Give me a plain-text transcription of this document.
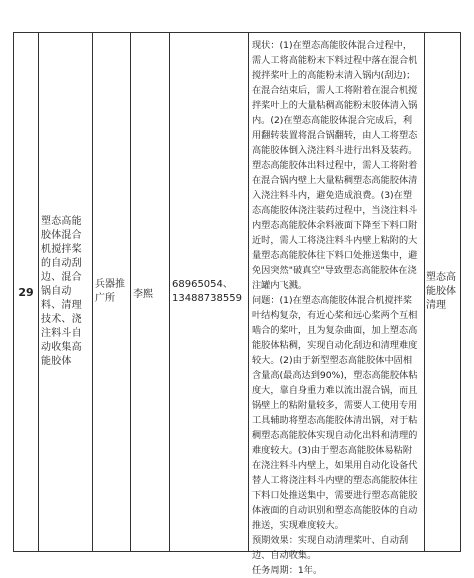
29
塑态高能胶体混合机搅拌桨的自动刮边、混合锅自动料、清理技术、浇注料斗自动收集高能胶体
兵器推广所	李熙
68965054、
13488738559

现状：(1)在塑态高能胶体混合过程中，需人工将高能粉末下料过程中落在混合机搅拌桨叶上的高能粉末清入锅内(刮边)；在混合结束后，需人工将附着在混合机搅拌桨叶上的大量粘稠高能粉末胶体清入锅内。(2)在塑态高能胶体混合完成后，利用翻转装置将混合锅翻转，由人工将塑态高能胶体倒入浇注料斗进行出料及装药。塑态高能胶体出料过程中，需人工将附着在混合锅内壁上大量粘稠塑态高能胶体清入浇注料斗内，避免造成浪费。(3)在塑态高能胶体浇注装药过程中，当浇注料斗内塑态高能胶体余料液面下降至下料口附近时，需人工将浇注料斗内壁上粘附的大量塑态高能胶体往下料口处推送集中，避免因突然"破真空"导致塑态高能胶体在浇注罐内飞溅。

问题：(1)在塑态高能胶体混合机搅拌桨叶结构复杂，有近心桨和远心桨两个互相啮合的桨叶，且为复杂曲面，加上塑态高能胶体粘稠，实现自动化刮边和清理难度较大。(2)由于新型塑态高能胶体中固相含量高(最高达到90%)，塑态高能胶体粘度大，靠自身重力难以流出混合锅，而且锅壁上的粘附量较多，需要人工使用专用工具辅助将塑态高能胶体清出锅，对于粘稠塑态高能胶体实现自动化出料和清理的难度较大。(3)由于塑态高能胶体易粘附在浇注料斗内壁上，如果用自动化设备代替人工将浇注料斗内壁的塑态高能胶体往下料口处推送集中，需要进行塑态高能胶体液面的自动识别和塑态高能胶体的自动推送，实现难度较大。

预期效果：实现自动清理桨叶、自动刮边、自动收集。

任务周期：1年。

塑态高能胶体清理
